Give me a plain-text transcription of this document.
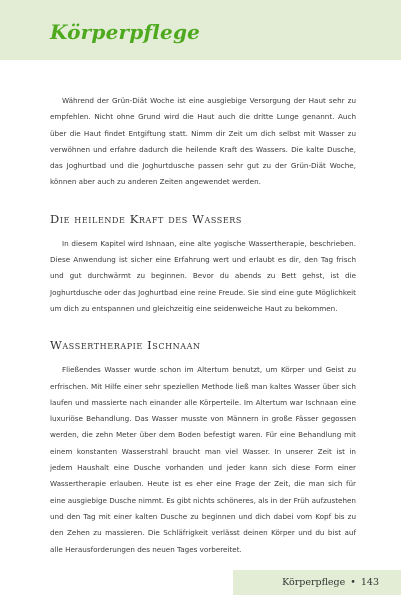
Körperpflege

Während der Grün-Diät Woche ist eine ausgiebige Versorgung der Haut sehr zu empfehlen. Nicht ohne Grund wird die Haut auch die dritte Lunge genannt. Auch über die Haut findet Entgiftung statt. Nimm dir Zeit um dich selbst mit Wasser zu verwöhnen und erfahre dadurch die heilende Kraft des Wassers. Die kalte Dusche, das Joghurtbad und die Joghurtdusche passen sehr gut zu der Grün-Diät Woche, können aber auch zu anderen Zeiten angewendet werden.

Die heilende Kraft des Wassers

In diesem Kapitel wird Ishnaan, eine alte yogische Wassertherapie, beschrieben. Diese Anwendung ist sicher eine Erfahrung wert und erlaubt es dir, den Tag frisch und gut durchwärmt zu beginnen. Bevor du abends zu Bett gehst, ist die Joghurtdusche oder das Joghurtbad eine reine Freude. Sie sind eine gute Möglichkeit um dich zu entspannen und gleichzeitig eine seidenweiche Haut zu bekommen.

Wassertherapie Ischnaan

Fließendes Wasser wurde schon im Altertum benutzt, um Körper und Geist zu erfrischen. Mit Hilfe einer sehr speziellen Methode ließ man kaltes Wasser über sich laufen und massierte nach einander alle Körperteile. Im Altertum war Ischnaan eine luxuriöse Behandlung. Das Wasser musste von Männern in große Fässer gegossen werden, die zehn Meter über dem Boden befestigt waren. Für eine Behandlung mit einem konstanten Wasserstrahl braucht man viel Wasser. In unserer Zeit ist in jedem Haushalt eine Dusche vorhanden und jeder kann sich diese Form einer Wassertherapie erlauben. Heute ist es eher eine Frage der Zeit, die man sich für eine ausgiebige Dusche nimmt. Es gibt nichts schöneres, als in der Früh aufzustehen und den Tag mit einer kalten Dusche zu beginnen und dich dabei vom Kopf bis zu den Zehen zu massieren. Die Schläfrigkeit verlässt deinen Körper und du bist auf alle Herausforderungen des neuen Tages vorbereitet.

Körperpflege • 143
